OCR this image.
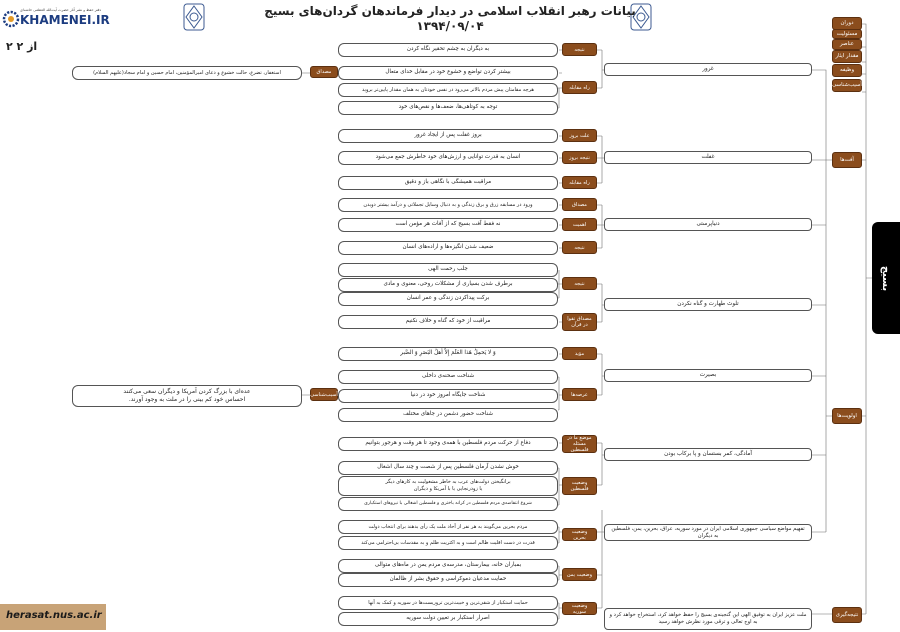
دفتر حفظ و نشر آثار حضرت آیت‌الله العظمی خامنه‌ای
KHAMENEI.IR
۲ از ۲
بیانات رهبر انقلاب اسلامی در دیدار فرماندهان گردان‌های بسیج
۱۳۹۴/۰۹/۰۴
بسیج
دوران
مسئولیت
عناصر
مقدار ایثار
وظیفه
آسیب‌شناسی
آفت‌ها
اولویت‌ها
نتیجه‌گیری
غرور
غفلت
دنیاپرستی
تلوث طهارت و گناه نکردن
بصیرت
آمادگی، کمر بستسان و پا برکاب بودن
تفهیم مواضع سیاسی جمهوری اسلامی ایران در مورد سوریه، عراق، بحرین، یمن، فلسطین به دیگران
ملت عزیز ایران به توفیق الهی این گنجینه‌ی بسیج را حفظ خواهد کرد، استخراج خواهد کرد و به اوج تعالی و ترقی مورد نظرش خواهد رسید
نتیجه
راه مقابله
مصداق
علت بروز
نتیجه بروز
راه مقابله
مصداق
اهمیت
نتیجه
نتیجه
مصداق تقوا در قرآن
مؤید
عرصه‌ها
آسیب‌شناسی
موضع ما در مسئله فلسطین
وضعیت فلسطین
وضعیت بحرین
وضعیت یمن
وضعیت سوریه
به دیگران به چشم تحقیر نگاه کردن
بیشتر کردن تواضع و خشوع خود در مقابل خدای متعال
هرچه مقامتان پیش مردم بالاتر می‌رود در نفس خودتان به همان مقدار پایین‌تر بروید
توجه به کوتاهی‌ها، ضعف‌ها و نقص‌های خود
بروز غفلت پس از ایجاد غرور
انسان به قدرت توانایی و ارزش‌های خود خاطرش جمع می‌شود
مراقبت همیشگی با نگاهی باز و دقیق
ورود در مسابقه زرق و برق زندگی و به دنبال وسایل تجملاتی و درآمد بیشتر دویدن
نه فقط آفت بسیج که از آفات هر مؤمن است
ضعیف شدن انگیزه‌ها و اراده‌های انسان
جلب رحمت الهی
برطرف شدن بسیاری از مشکلات روحی، معنوی و مادی
برکت پیداکردن زندگی و عمر انسان
مراقبت از خود که گناه و خلاف نکنیم
وَ لا یَحمِلُ هَذا العَلَمَ إِلاّ أَهلُ البَصَرِ وَ الصَّبر
شناخت صحنه‌ی داخلی
شناخت جایگاه امروز خود در دنیا
شناخت حضور دشمن در جاهای مختلف
دفاع از حرکت مردم فلسطین با همه‌ی وجود تا هر وقت و هرجور بتوانیم
خوش نشدن آرمان فلسطین پس از شصت و چند سال اشغال
برانگیختن دولت‌های عرب به خاطر مشغولیت به کارهای دیگر
یا زودرنجایی یا با آمریکا و دیگران
شروع انتفاضه‌ی مردم فلسطین در کرانه باختری و فلسطین اشغالی با نیروهای استکباری
مردم بحرین می‌گویند به هر نفر از آحاد ملت یک رأی بدهند برای انتخاب دولت
قدرت در دست اقلیت ظالم است و به اکثریت ظلم و به مقدسات بی‌احترامی می‌کند
بمباران خانه، بیمارستان، مدرسه‌ی مردم یمن در ماه‌های متوالی
حمایت مدعیان دموکراسی و حقوق بشر از ظالمان
حمایت استکبار از شقی‌ترین و خبیث‌ترین تروریست‌ها در سوریه و کمک به آنها
اصرار استکبار بر تعیین دولت سوریه
استغفار، تضرع، حالت خشوع و دعای امیرالمؤمنین، امام حسین و امام سجاد(علیهم السلام)
عده‌ای با بزرگ کردن آمریکا و دیگران سعی می‌کنند
احساس خود کم بینی را در ملت به وجود آورند.
herasat.nus.ac.ir
